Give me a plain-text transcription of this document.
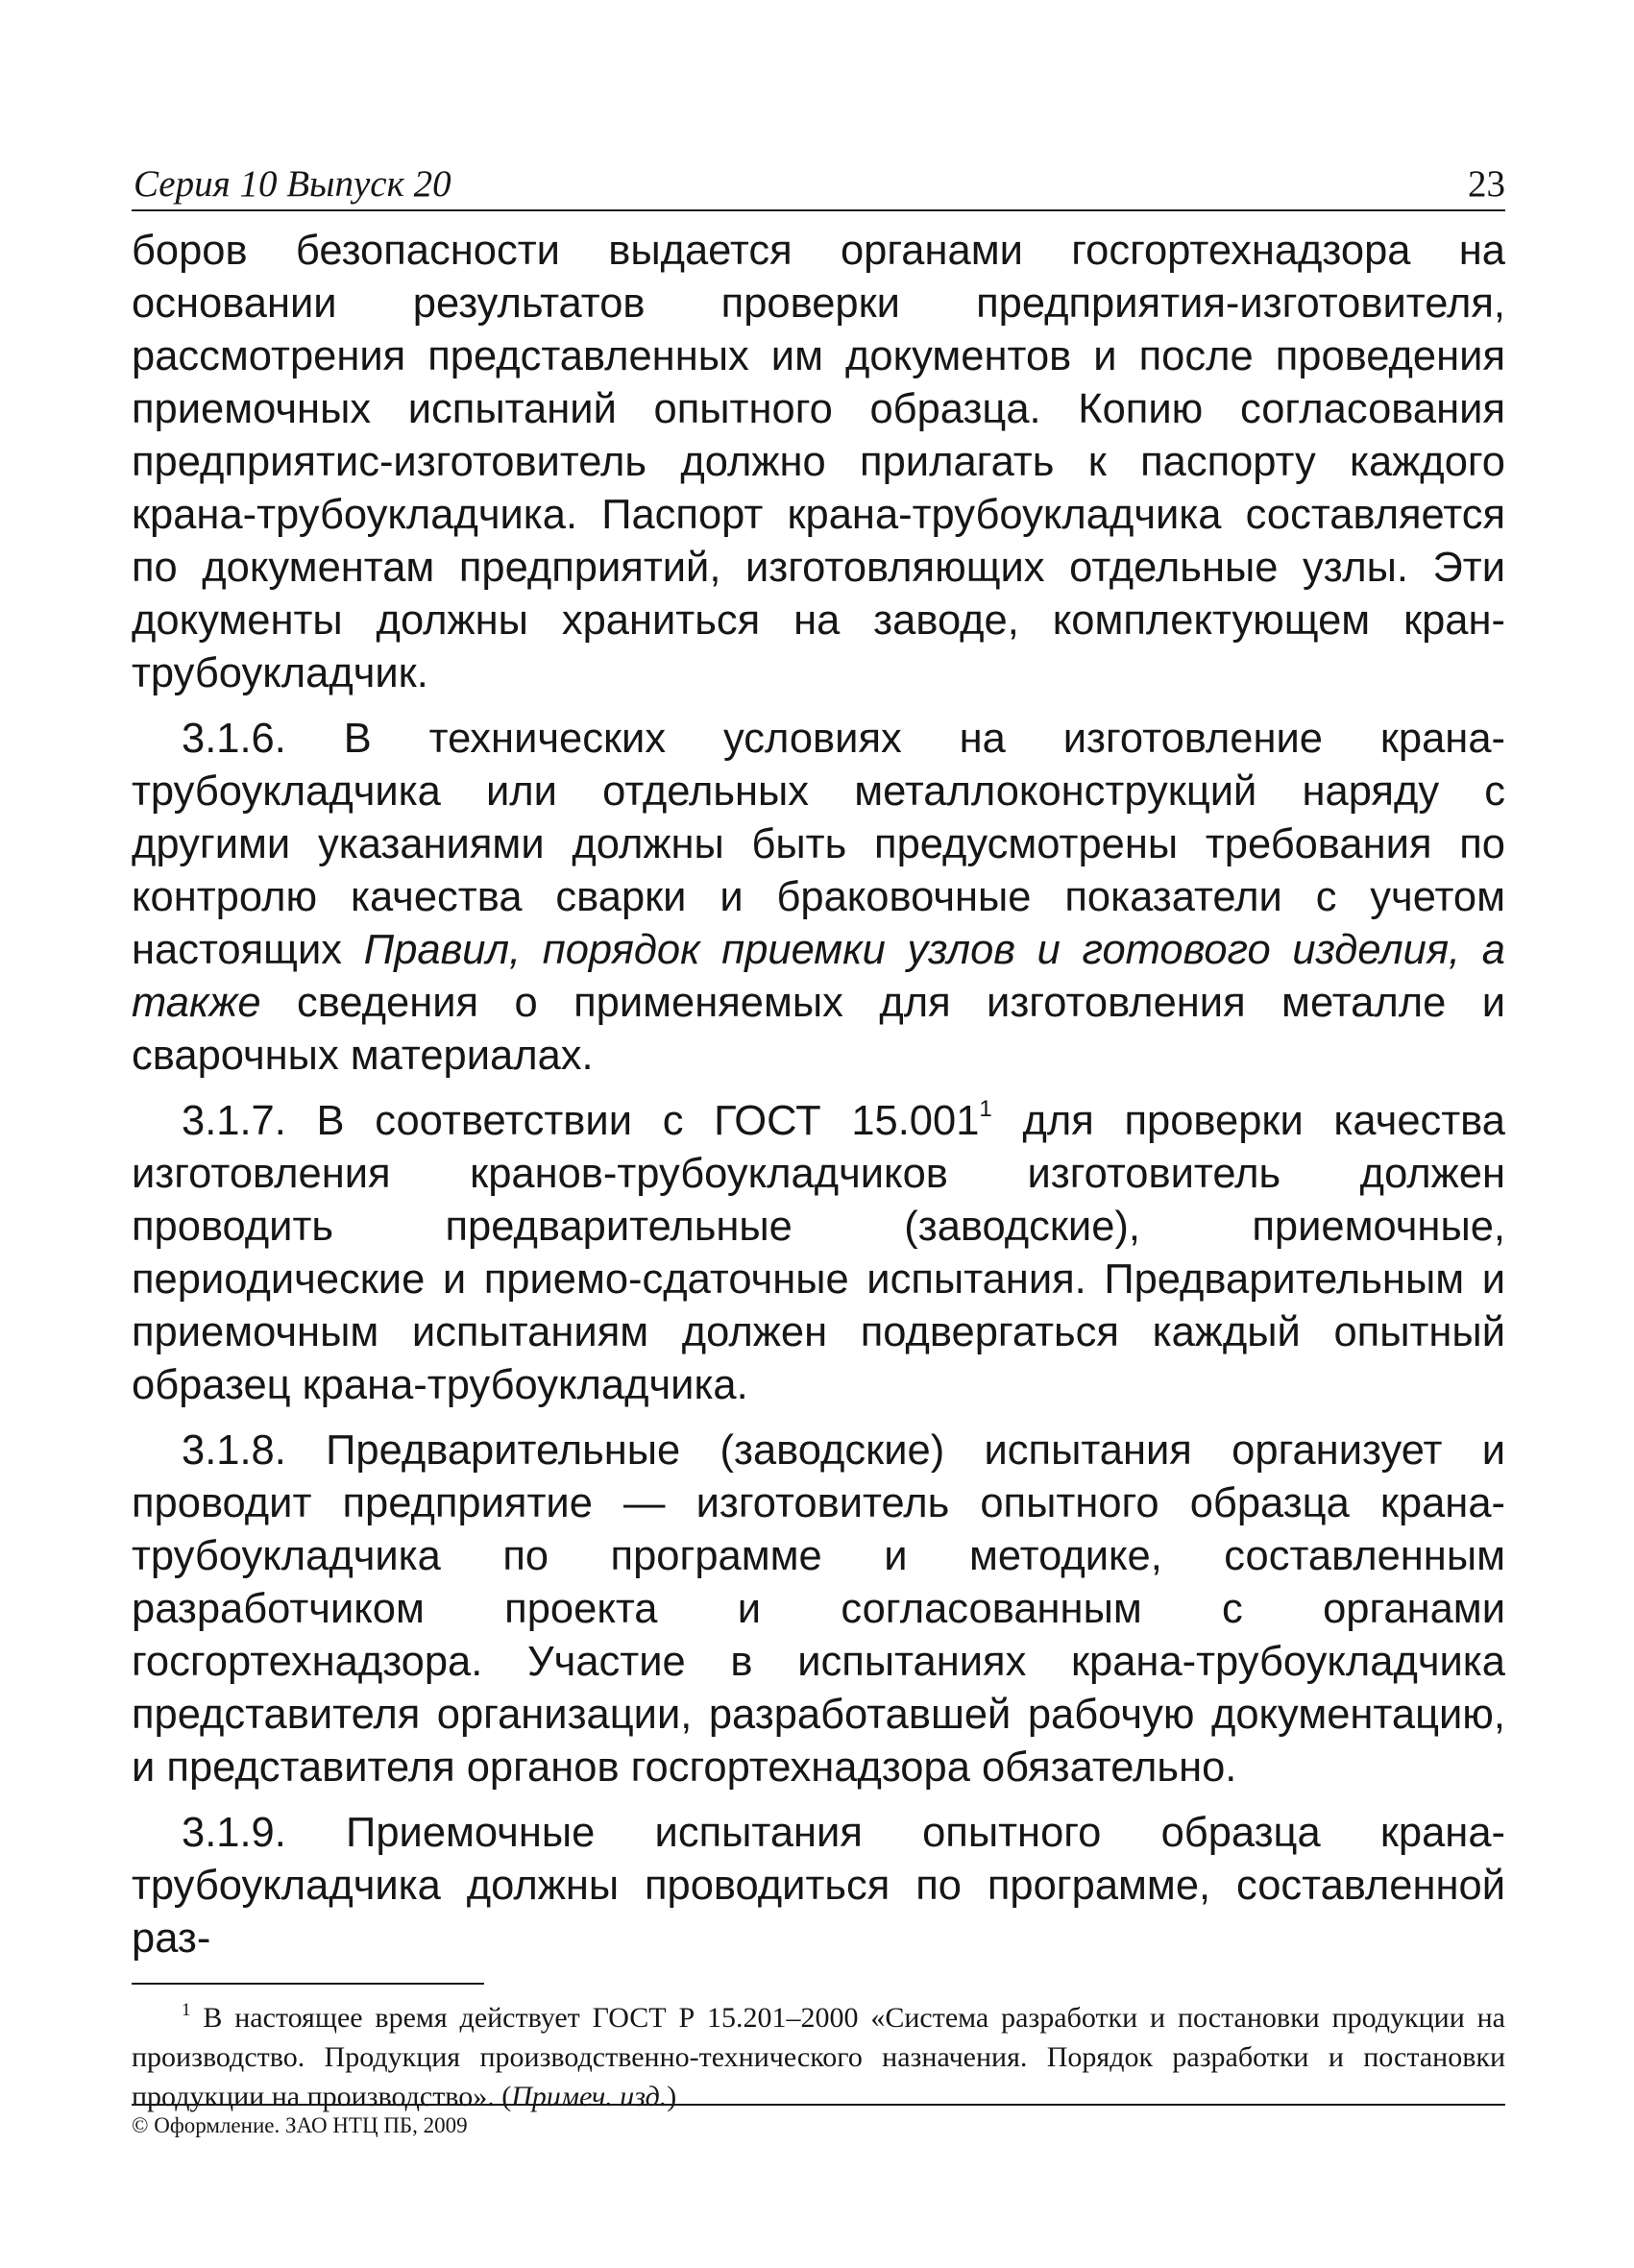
Серия 10 Выпуск 20	23

боров безопасности выдается органами госгортехнадзора на основании результатов проверки предприятия-изготовителя, рассмотрения представленных им документов и после проведения приемочных испытаний опытного образца. Копию согласования предприятис-изготовитель должно прилагать к паспорту каждого крана-трубоукладчика. Паспорт крана-трубоукладчика составляется по документам предприятий, изготовляющих отдельные узлы. Эти документы должны храниться на заводе, комплектующем кран-трубоукладчик.

3.1.6. В технических условиях на изготовление крана-трубоукладчика или отдельных металлоконструкций наряду с другими указаниями должны быть предусмотрены требования по контролю качества сварки и браковочные показатели с учетом настоящих Правил, порядок приемки узлов и готового изделия, а также сведения о применяемых для изготовления металле и сварочных материалах.

3.1.7. В соответствии с ГОСТ 15.001$^1$ для проверки качества изготовления кранов-трубоукладчиков изготовитель должен проводить предварительные (заводские), приемочные, периодические и приемо-сдаточные испытания. Предварительным и приемочным испытаниям должен подвергаться каждый опытный образец крана-трубоукладчика.

3.1.8. Предварительные (заводские) испытания организует и проводит предприятие — изготовитель опытного образца крана-трубоукладчика по программе и методике, составленным разработчиком проекта и согласованным с органами госгортехнадзора. Участие в испытаниях крана-трубоукладчика представителя организации, разработавшей рабочую документацию, и представителя органов госгортехнадзора обязательно.

3.1.9. Приемочные испытания опытного образца крана-трубоукладчика должны проводиться по программе, составленной раз-

$^1$ В настоящее время действует ГОСТ Р 15.201–2000 «Система разработки и постановки продукции на производство. Продукция производственно-технического назначения. Порядок разработки и постановки продукции на производство». (Примеч. изд.)

© Оформление. ЗАО НТЦ ПБ, 2009
